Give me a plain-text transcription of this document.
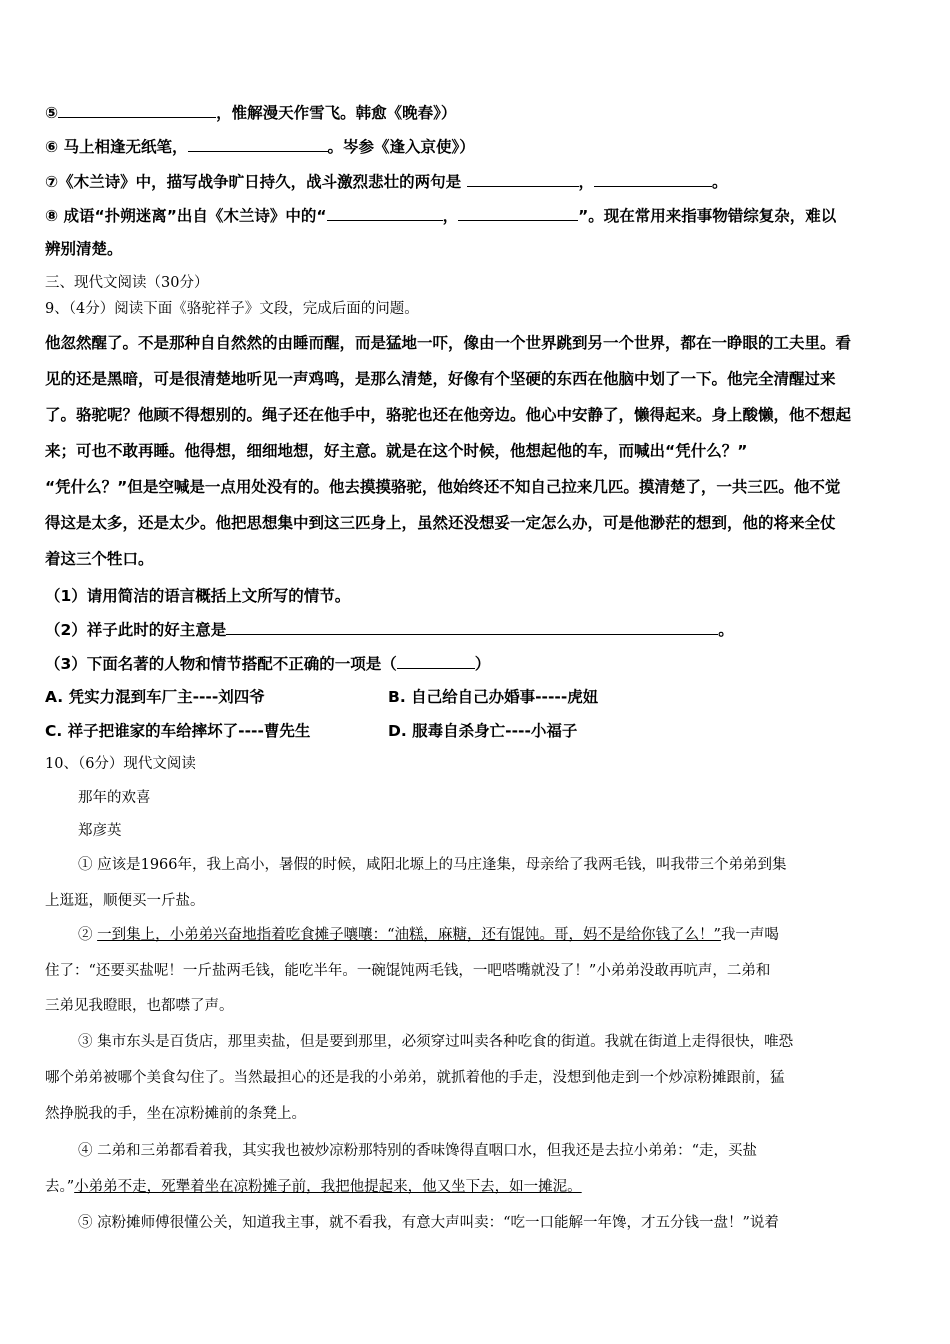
⑤	，惟解漫天作雪飞。韩愈《晚春》）
⑥ 马上相逢无纸笔，	。岑参《逢入京使》）
⑦《木兰诗》中，描写战争旷日持久，战斗激烈悲壮的两句是	，	。
⑧ 成语“扑朔迷离”出自《木兰诗》中的“	，	”。现在常用来指事物错综复杂，难以
辨别清楚。
三、现代文阅读（30分）
9、（4分）阅读下面《骆驼祥子》文段，完成后面的问题。
他忽然醒了。不是那种自自然然的由睡而醒，而是猛地一吓，像由一个世界跳到另一个世界，都在一睁眼的工夫里。看
见的还是黑暗，可是很清楚地听见一声鸡鸣，是那么清楚，好像有个坚硬的东西在他脑中划了一下。他完全清醒过来
了。骆驼呢？他顾不得想别的。绳子还在他手中，骆驼也还在他旁边。他心中安静了，懒得起来。身上酸懒，他不想起
来；可也不敢再睡。他得想，细细地想，好主意。就是在这个时候，他想起他的车，而喊出“凭什么？”
“凭什么？”但是空喊是一点用处没有的。他去摸摸骆驼，他始终还不知自己拉来几匹。摸清楚了，一共三匹。他不觉
得这是太多，还是太少。他把思想集中到这三匹身上，虽然还没想妥一定怎么办，可是他渺茫的想到，他的将来全仗
着这三个牲口。
（1）请用简洁的语言概括上文所写的情节。
（2）祥子此时的好主意是	。
（3）下面名著的人物和情节搭配不正确的一项是（	）
A. 凭实力混到车厂主----刘四爷	B. 自己给自己办婚事-----虎妞
C. 祥子把谁家的车给摔坏了----曹先生	D. 服毒自杀身亡----小福子
10、（6分）现代文阅读
那年的欢喜
郑彦英
① 应该是1966年，我上高小，暑假的时候，咸阳北塬上的马庄逢集，母亲给了我两毛钱，叫我带三个弟弟到集
上逛逛，顺便买一斤盐。
② 一到集上，小弟弟兴奋地指着吃食摊子嚷嚷：“油糕，麻糖，还有馄饨。哥，妈不是给你钱了么！”我一声喝
住了：“还要买盐呢！一斤盐两毛钱，能吃半年。一碗馄饨两毛钱，一吧嗒嘴就没了！”小弟弟没敢再吭声，二弟和
三弟见我瞪眼，也都噤了声。
③ 集市东头是百货店，那里卖盐，但是要到那里，必须穿过叫卖各种吃食的街道。我就在街道上走得很快，唯恐
哪个弟弟被哪个美食勾住了。当然最担心的还是我的小弟弟，就抓着他的手走，没想到他走到一个炒凉粉摊跟前，猛
然挣脱我的手，坐在凉粉摊前的条凳上。
④ 二弟和三弟都看着我，其实我也被炒凉粉那特别的香味馋得直咽口水，但我还是去拉小弟弟：“走，买盐
去。”小弟弟不走，死犟着坐在凉粉摊子前，我把他提起来，他又坐下去，如一摊泥。
⑤ 凉粉摊师傅很懂公关，知道我主事，就不看我，有意大声叫卖：“吃一口能解一年馋，才五分钱一盘！”说着
